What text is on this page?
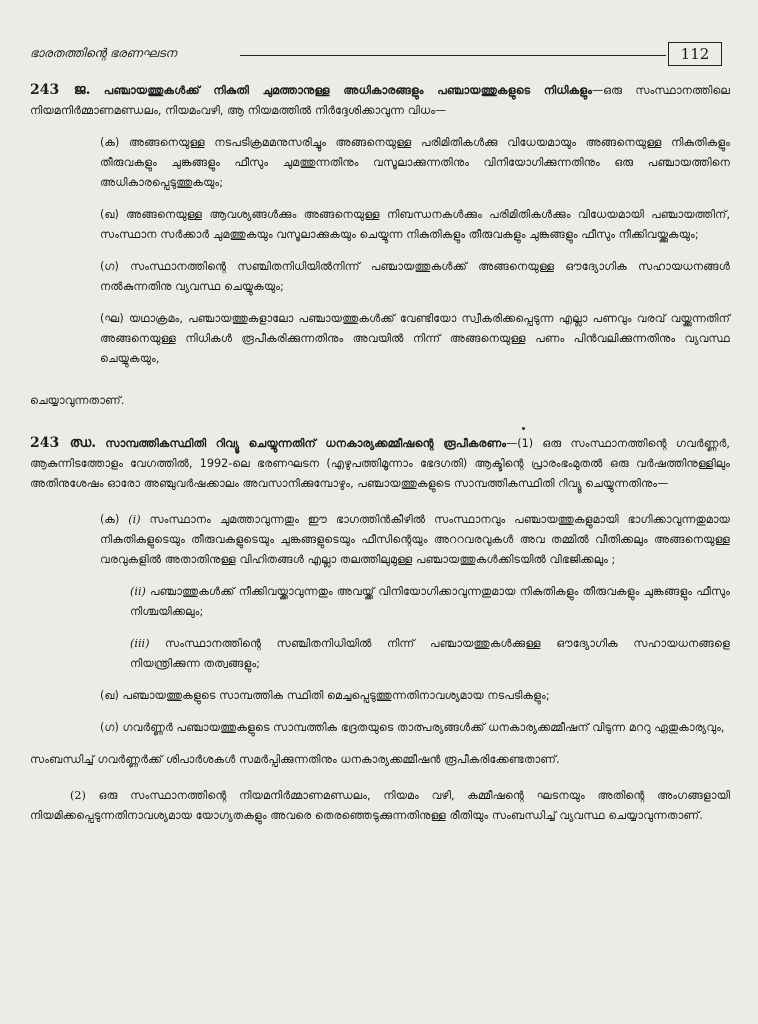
ഭാരതത്തിന്റെ ഭരണഘടന	112
243 ജ. പഞ്ചായത്തുകൾക്ക് നികുതി ചുമത്താനുള്ള അധികാരങ്ങളും പഞ്ചായത്തുകളുടെ നിധികളും—ഒരു സംസ്ഥാനത്തിലെ നിയമനിർമ്മാണമണ്ഡലം, നിയമംവഴി, ആ നിയമത്തിൽ നിർദ്ദേശിക്കാവുന്ന വിധം—
(ക) അങ്ങനെയുള്ള നടപടിക്രമമനുസരിച്ചും അങ്ങനെയുള്ള പരിമിതികൾക്കു വിധേയമായും അങ്ങനെയുള്ള നികുതികളും തീരുവകളും ചുങ്കങ്ങളും ഫീസും ചുമത്തുന്നതിനും വസൂലാക്കുന്നതിനും വിനിയോഗിക്കുന്നതിനും ഒരു പഞ്ചായത്തിനെ അധികാരപ്പെടുത്തുകയും;
(ഖ) അങ്ങനെയുള്ള ആവശ്യങ്ങൾക്കും അങ്ങനെയുള്ള നിബന്ധനകൾക്കും പരിമിതികൾക്കും വിധേയമായി പഞ്ചായത്തിന്, സംസ്ഥാന സർക്കാർ ചുമത്തുകയും വസൂലാക്കുകയും ചെയ്യുന്ന നികുതികളും തീരുവകളും ചുങ്കങ്ങളും ഫീസും നീക്കിവയ്ക്കുകയും;
(ഗ) സംസ്ഥാനത്തിന്റെ സഞ്ചിതനിധിയിൽനിന്ന് പഞ്ചായത്തുകൾക്ക് അങ്ങനെയുള്ള ഔദ്യോഗിക സഹായധനങ്ങൾ നൽകുന്നതിനു വ്യവസ്ഥ ചെയ്യുകയും;
(ഘ) യഥാക്രമം, പഞ്ചായത്തുകളാലോ പഞ്ചായത്തുകൾക്ക് വേണ്ടിയോ സ്വീകരിക്കപ്പെടുന്ന എല്ലാ പണവും വരവ് വയ്ക്കുന്നതിന് അങ്ങനെയുള്ള നിധികൾ രൂപീകരിക്കുന്നതിനും അവയിൽ നിന്ന് അങ്ങനെയുള്ള പണം പിൻവലിക്കുന്നതിനും വ്യവസ്ഥ ചെയ്യുകയും,
ചെയ്യാവുന്നതാണ്.
243 ഝ. സാമ്പത്തികസ്ഥിതി റിവ്യൂ ചെയ്യുന്നതിന് ധനകാര്യക്കമ്മീഷന്റെ രൂപീകരണം—(1) ഒരു സംസ്ഥാനത്തിന്റെ ഗവർണ്ണർ, ആകുന്നിടത്തോളം വേഗത്തിൽ, 1992-ലെ ഭരണഘടന (എഴുപത്തിമൂന്നാം ഭേദഗതി) ആക്ടിന്റെ പ്രാരംഭംമുതൽ ഒരു വർഷത്തിനുള്ളിലും അതിനുശേഷം ഓരോ അഞ്ചുവർഷക്കാലം അവസാനിക്കുമ്പോഴും, പഞ്ചായത്തുകളുടെ സാമ്പത്തികസ്ഥിതി റിവ്യൂ ചെയ്യുന്നതിനും—
(ക) (i) സംസ്ഥാനം ചുമത്താവുന്നതും ഈ ഭാഗത്തിൻകീഴിൽ സംസ്ഥാനവും പഞ്ചായത്തുകളുമായി ഭാഗിക്കാവുന്നതുമായ നികുതികളുടെയും തീരുവകളുടെയും ചുങ്കങ്ങളുടെയും ഫീസിന്റെയും അററവരവുകൾ അവ തമ്മിൽ വീതിക്കലും അങ്ങനെയുള്ള വരവുകളിൽ അതാതിനുള്ള വിഹിതങ്ങൾ എല്ലാ തലത്തിലുമുള്ള പഞ്ചായത്തുകൾക്കിടയിൽ വിഭജിക്കലും ;
(ii) പഞ്ചാത്തുകൾക്ക് നീക്കിവയ്ക്കാവുന്നതും അവയ്ക്ക് വിനിയോഗിക്കാവുന്നതുമായ നികുതികളും തീരുവകളും ചുങ്കങ്ങളും ഫീസും നിശ്ചയിക്കലും;
(iii) സംസ്ഥാനത്തിന്റെ സഞ്ചിതനിധിയിൽ നിന്ന് പഞ്ചായത്തുകൾക്കുള്ള ഔദ്യോഗിക സഹായധനങ്ങളെ നിയന്ത്രിക്കുന്ന തത്വങ്ങളും;
(ഖ) പഞ്ചായത്തുകളുടെ സാമ്പത്തിക സ്ഥിതി മെച്ചപ്പെടുത്തുന്നതിനാവശ്യമായ നടപടികളും;
(ഗ) ഗവർണ്ണർ പഞ്ചായത്തുകളുടെ സാമ്പത്തിക ഭദ്രതയുടെ താത്പര്യങ്ങൾക്ക് ധനകാര്യക്കമ്മീഷന് വിടുന്ന മററു ഏതുകാര്യവും,
സംബന്ധിച്ച് ഗവർണ്ണർക്ക് ശിപാർശകൾ സമർപ്പിക്കുന്നതിനും ധനകാര്യക്കമ്മീഷൻ രൂപീകരിക്കേണ്ടതാണ്.
(2) ഒരു സംസ്ഥാനത്തിന്റെ നിയമനിർമ്മാണമണ്ഡലം, നിയമം വഴി, കമ്മീഷന്റെ ഘടനയും അതിന്റെ അംഗങ്ങളായി നിയമിക്കപ്പെടുന്നതിനാവശ്യമായ യോഗ്യതകളും അവരെ തെരഞ്ഞെടുക്കുന്നതിനുള്ള രീതിയും സംബന്ധിച്ച് വ്യവസ്ഥ ചെയ്യാവുന്നതാണ്.
